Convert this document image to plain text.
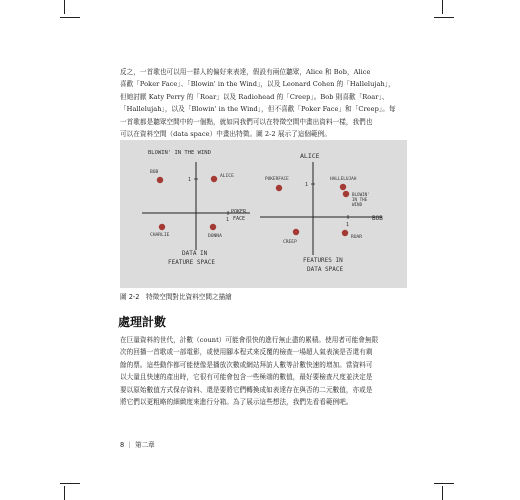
反之，一首歌也可以用一群人的偏好來表達，假設有兩位聽眾，Alice 和 Bob，Alice
喜歡「Poker Face」、「Blowin' in the Wind」，以及 Leonard Cohen 的「Hallelujah」，
但她討厭 Katy Perry 的「Roar」以及 Radiohead 的「Creep」。Bob 則喜歡「Roar」、
「Hallelujah」，以及「Blowin' in the Wind」，但不喜歡「Poker Face」和「Creep」。每
一首歌都是聽眾空間中的一個點，就如同我們可以在特徵空間中畫出資料一樣，我們也
可以在資料空間（data space）中畫出特徵。圖 2-2 展示了這個範例。
BLOWIN' IN THE WIND
1
1
POKER
FACE
BOB
ALICE
CHARLIE	DONNA
DATA IN
FEATURE SPACE
ALICE
1
1
BOB
POKERFACE	HALLELUJAH
BLOWIN'
IN THE
WIND
CREEP
ROAR
FEATURES IN
DATA SPACE
圖 2-2　特徵空間對比資料空間之描繪
處理計數
在巨量資料的世代，計數（count）可能會很快的進行無止盡的累積。使用者可能會無限
次的回播一首歌或一部電影，或使用腳本程式來反覆的檢查一場超人氣表演是否還有剩
餘的票。這些動作都可能使像是播放次數或網站拜訪人數等計數快速的增加。當資料可
以大量且快速的產出時，它很有可能會包含一些極端的數值，最好要檢查尺度並決定是
要以原始數值方式保存資料、還是要將它們轉換成如表達存在與否的二元數值，亦或是
將它們以更粗略的細緻度來進行分箱。為了展示這些想法，我們先看看範例吧。
8 ｜ 第二章
